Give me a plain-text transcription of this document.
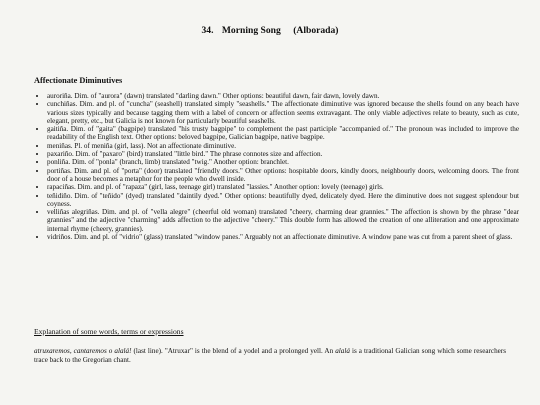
34. Morning Song (Alborada)
Affectionate Diminutives
• auroriña. Dim. of "aurora" (dawn) translated "darling dawn." Other options: beautiful dawn, fair dawn, lovely dawn.
• cunchiñas. Dim. and pl. of "cuncha" (seashell) translated simply "seashells." The affectionate diminutive was ignored because the shells found on any beach have various sizes typically and because tagging them with a label of concern or affection seems extravagant. The only viable adjectives relate to beauty, such as cute, elegant, pretty, etc., but Galicia is not known for particularly beautiful seashells.
• gaitiña. Dim. of "gaita" (bagpipe) translated "his trusty bagpipe" to complement the past participle "accompanied of." The pronoun was included to improve the readability of the English text. Other options: beloved bagpipe, Galician bagpipe, native bagpipe.
• meniñas. Pl. of meniña (girl, lass). Not an affectionate diminutive.
• paxariño. Dim. of "paxaro" (bird) translated "little bird." The phrase connotes size and affection.
• ponliña. Dim. of "ponla" (branch, limb) translated "twig." Another option: branchlet.
• portiñas. Dim. and pl. of "porta" (door) translated "friendly doors." Other options: hospitable doors, kindly doors, neighbourly doors, welcoming doors. The front door of a house becomes a metaphor for the people who dwell inside.
• rapaciñas. Dim. and pl. of "rapaza" (girl, lass, teenage girl) translated "lassies." Another option: lovely (teenage) girls.
• teñidiño. Dim. of "teñido" (dyed) translated "daintily dyed." Other options: beautifully dyed, delicately dyed. Here the diminutive does not suggest splendour but coyness.
• velliñas alegriñas. Dim. and pl. of "vella alegre" (cheerful old woman) translated "cheery, charming dear grannies." The affection is shown by the phrase "dear grannies" and the adjective "charming" adds affection to the adjective "cheery." This double form has allowed the creation of one alliteration and one approximate internal rhyme (cheery, grannies).
• vidriños. Dim. and pl. of "vidrio" (glass) translated "window panes." Arguably not an affectionate diminutive. A window pane was cut from a parent sheet of glass.
Explanation of some words, terms or expressions

atruxaremos, cantaremos o alalá! (last line). "Atruxar" is the blend of a yodel and a prolonged yell. An alalá is a traditional Galician song which some researchers trace back to the Gregorian chant.
